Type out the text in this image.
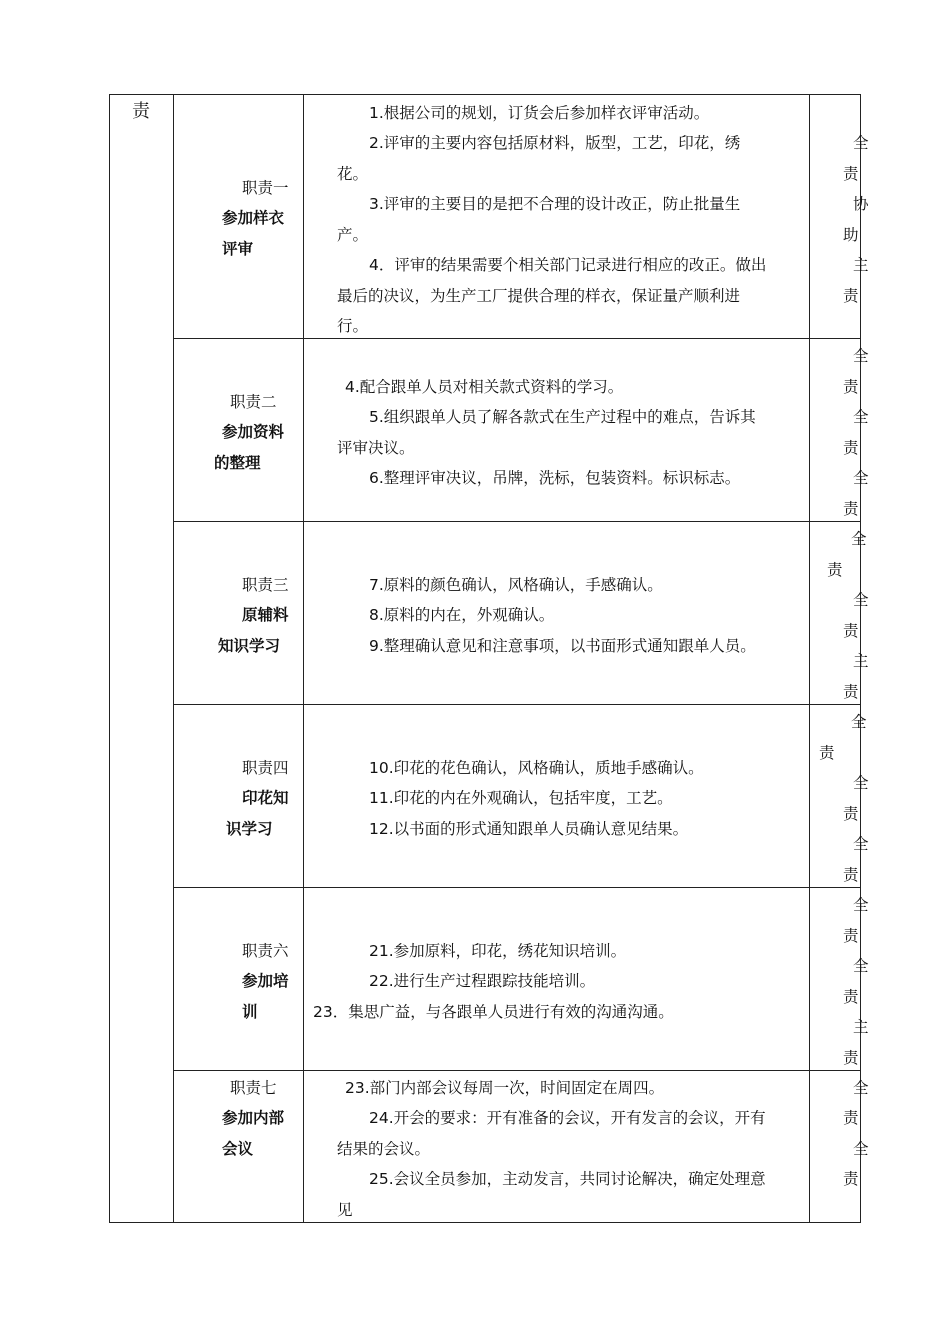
责
职责一
参加样衣
评审
1.根据公司的规划，订货会后参加样衣评审活动。
2.评审的主要内容包括原材料，版型，工艺，印花，绣
花。
3.评审的主要目的是把不合理的设计改正，防止批量生
产。
4．评审的结果需要个相关部门记录进行相应的改正。做出
最后的决议，为生产工厂提供合理的样衣，保证量产顺利进
行。
全
责
协
助
主
责
职责二
参加资料
的整理
4.配合跟单人员对相关款式资料的学习。
5.组织跟单人员了解各款式在生产过程中的难点，告诉其
评审决议。
6.整理评审决议，吊牌，洗标，包装资料。标识标志。
全
责
全
责
全
责
职责三
原辅料
知识学习
7.原料的颜色确认，风格确认，手感确认。
8.原料的内在，外观确认。
9.整理确认意见和注意事项，以书面形式通知跟单人员。
全
责
全
责
主
责
职责四
印花知
识学习
10.印花的花色确认，风格确认，质地手感确认。
11.印花的内在外观确认，包括牢度，工艺。
12.以书面的形式通知跟单人员确认意见结果。
全
责
全
责
全
责
职责六
参加培
训
21.参加原料，印花，绣花知识培训。
22.进行生产过程跟踪技能培训。
23．集思广益，与各跟单人员进行有效的沟通沟通。
全
责
全
责
主
责
职责七
参加内部
会议
23.部门内部会议每周一次，时间固定在周四。
24.开会的要求：开有准备的会议，开有发言的会议，开有
结果的会议。
25.会议全员参加，主动发言，共同讨论解决，确定处理意
见
全
责
全
责
